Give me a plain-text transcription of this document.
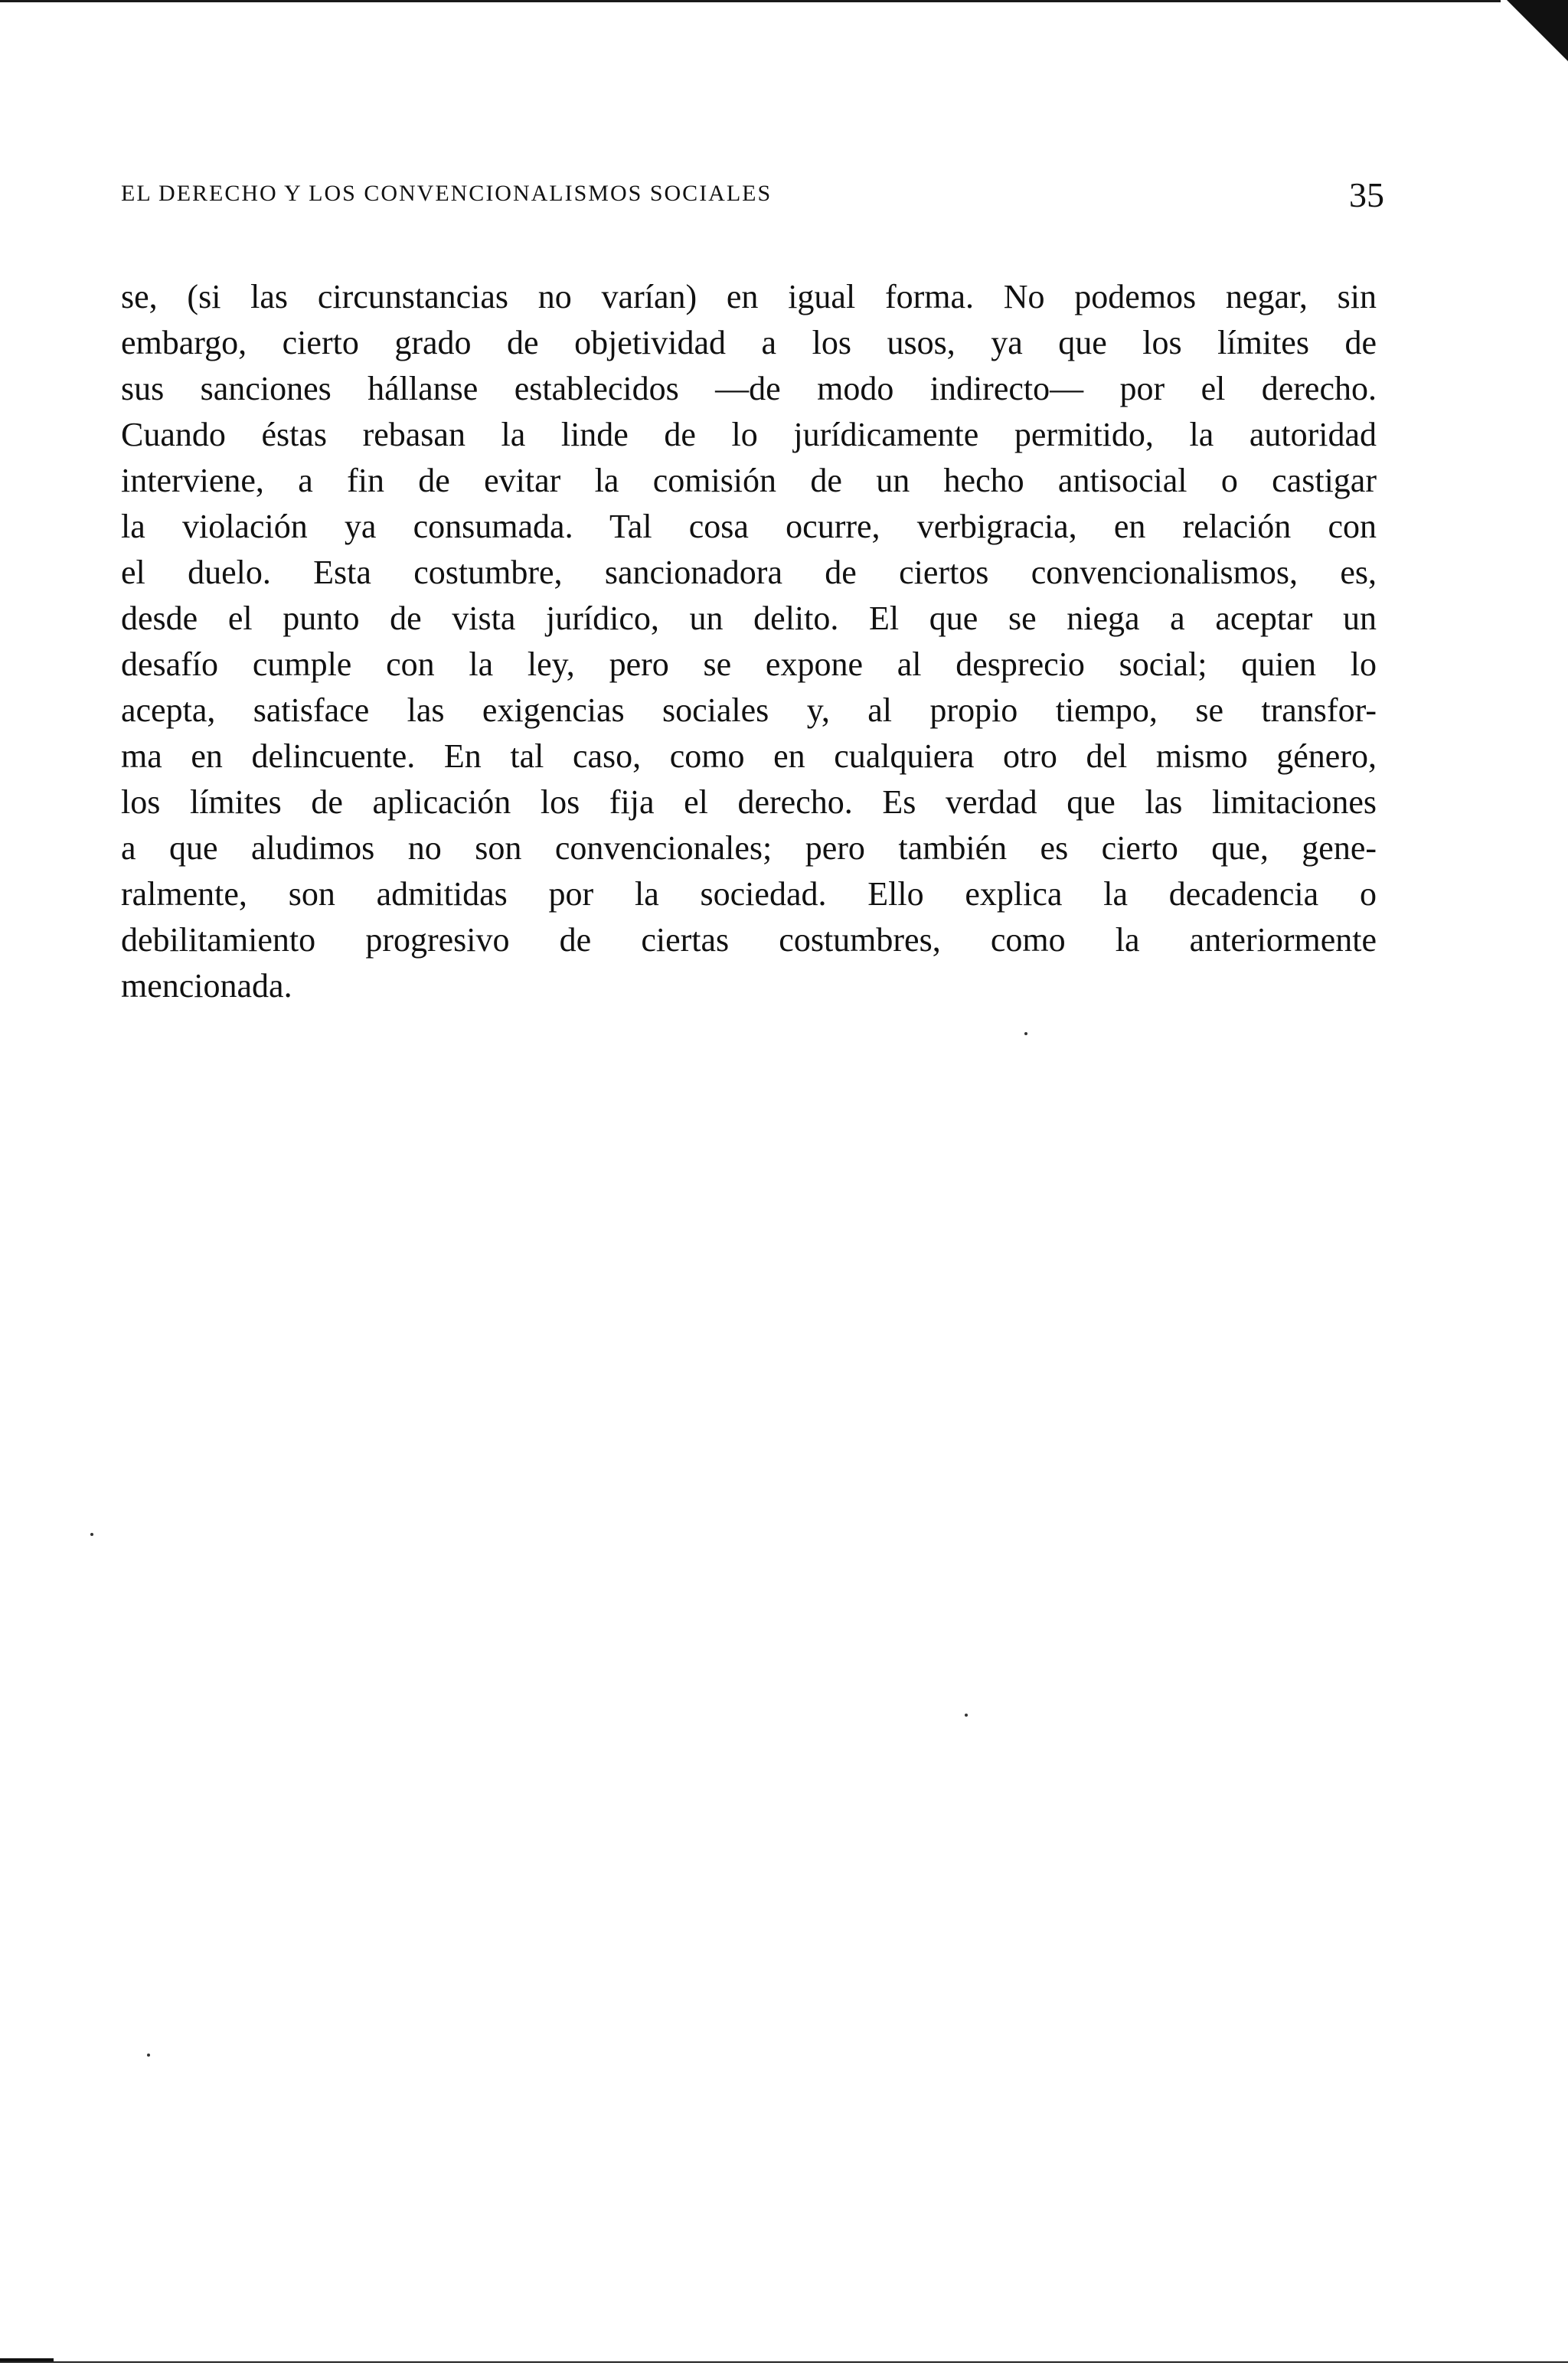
EL DERECHO Y LOS CONVENCIONALISMOS SOCIALES	35
se, (si las circunstancias no varían) en igual forma. No podemos negar, sin
embargo, cierto grado de objetividad a los usos, ya que los límites de
sus sanciones hállanse establecidos —de modo indirecto— por el derecho.
Cuando éstas rebasan la linde de lo jurídicamente permitido, la autoridad
interviene, a fin de evitar la comisión de un hecho antisocial o castigar
la violación ya consumada. Tal cosa ocurre, verbigracia, en relación con
el duelo. Esta costumbre, sancionadora de ciertos convencionalismos, es,
desde el punto de vista jurídico, un delito. El que se niega a aceptar un
desafío cumple con la ley, pero se expone al desprecio social; quien lo
acepta, satisface las exigencias sociales y, al propio tiempo, se transfor-
ma en delincuente. En tal caso, como en cualquiera otro del mismo género,
los límites de aplicación los fija el derecho. Es verdad que las limitaciones
a que aludimos no son convencionales; pero también es cierto que, gene-
ralmente, son admitidas por la sociedad. Ello explica la decadencia o
debilitamiento progresivo de ciertas costumbres, como la anteriormente
mencionada.
